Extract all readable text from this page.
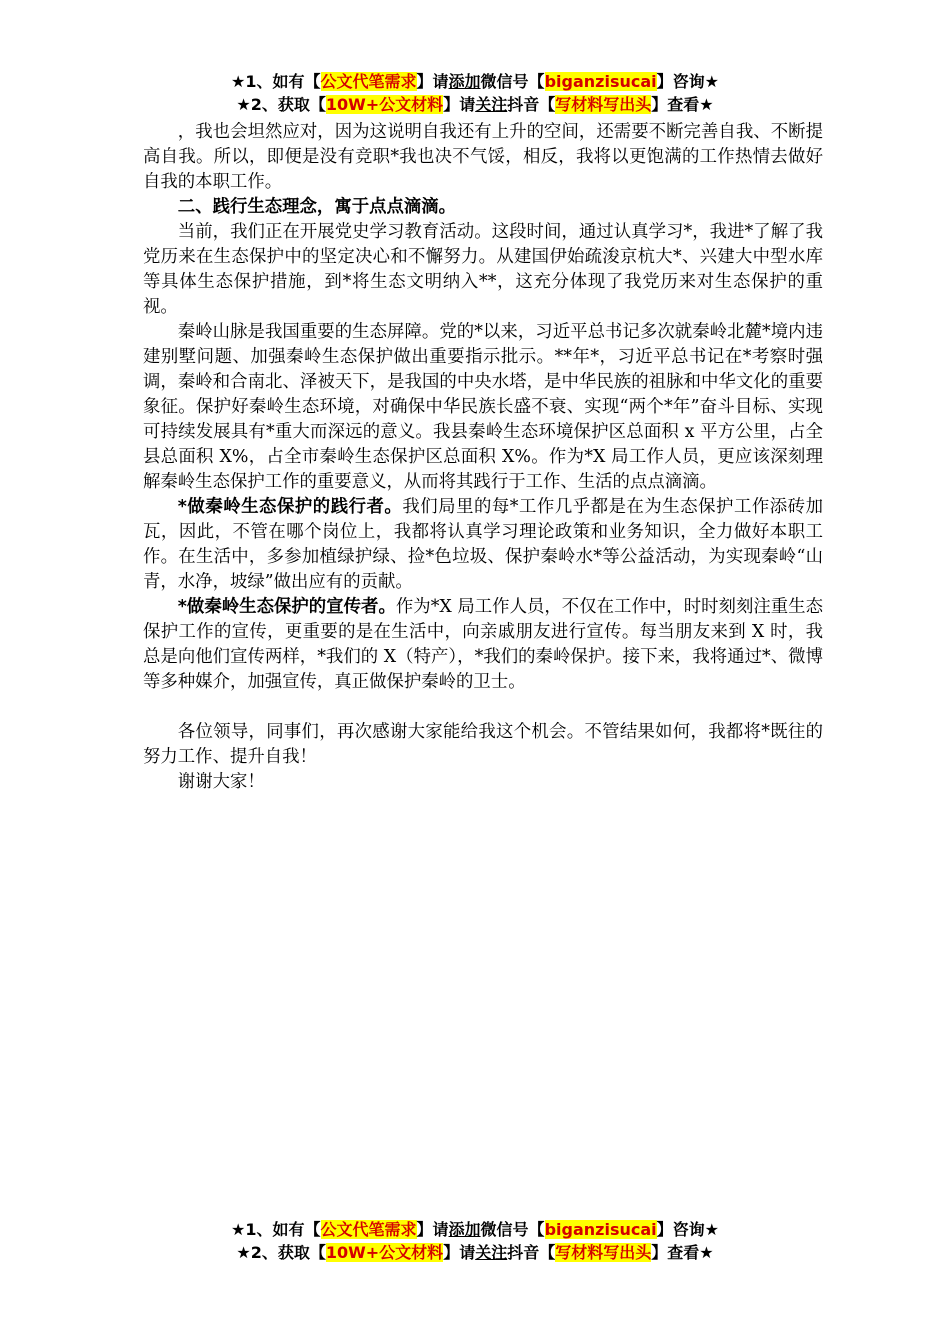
★1、如有【公文代笔需求】请添加微信号【biganzisucai】咨询★
★2、获取【10W+公文材料】请关注抖音【写材料写出头】查看★

，我也会坦然应对，因为这说明自我还有上升的空间，还需要不断完善自我、不断提高自我。所以，即便是没有竞职*我也决不气馁，相反，我将以更饱满的工作热情去做好自我的本职工作。

二、践行生态理念，寓于点点滴滴。

当前，我们正在开展党史学习教育活动。这段时间，通过认真学习*，我进*了解了我党历来在生态保护中的坚定决心和不懈努力。从建国伊始疏浚京杭大*、兴建大中型水库等具体生态保护措施，到*将生态文明纳入**，这充分体现了我党历来对生态保护的重视。

秦岭山脉是我国重要的生态屏障。党的*以来，习近平总书记多次就秦岭北麓*境内违建别墅问题、加强秦岭生态保护做出重要指示批示。**年*，习近平总书记在*考察时强调，秦岭和合南北、泽被天下，是我国的中央水塔，是中华民族的祖脉和中华文化的重要象征。保护好秦岭生态环境，对确保中华民族长盛不衰、实现“两个*年”奋斗目标、实现可持续发展具有*重大而深远的意义。我县秦岭生态环境保护区总面积 x 平方公里，占全县总面积 X%，占全市秦岭生态保护区总面积 X%。作为*X 局工作人员，更应该深刻理解秦岭生态保护工作的重要意义，从而将其践行于工作、生活的点点滴滴。

*做秦岭生态保护的践行者。我们局里的每*工作几乎都是在为生态保护工作添砖加瓦，因此，不管在哪个岗位上，我都将认真学习理论政策和业务知识，全力做好本职工作。在生活中，多参加植绿护绿、捡*色垃圾、保护秦岭水*等公益活动，为实现秦岭“山青，水净，坡绿”做出应有的贡献。

*做秦岭生态保护的宣传者。作为*X 局工作人员，不仅在工作中，时时刻刻注重生态保护工作的宣传，更重要的是在生活中，向亲戚朋友进行宣传。每当朋友来到 X 时，我总是向他们宣传两样，*我们的 X（特产），*我们的秦岭保护。接下来，我将通过*、微博等多种媒介，加强宣传，真正做保护秦岭的卫士。

各位领导，同事们，再次感谢大家能给我这个机会。不管结果如何，我都将*既往的努力工作、提升自我！

谢谢大家！

★1、如有【公文代笔需求】请添加微信号【biganzisucai】咨询★
★2、获取【10W+公文材料】请关注抖音【写材料写出头】查看★
